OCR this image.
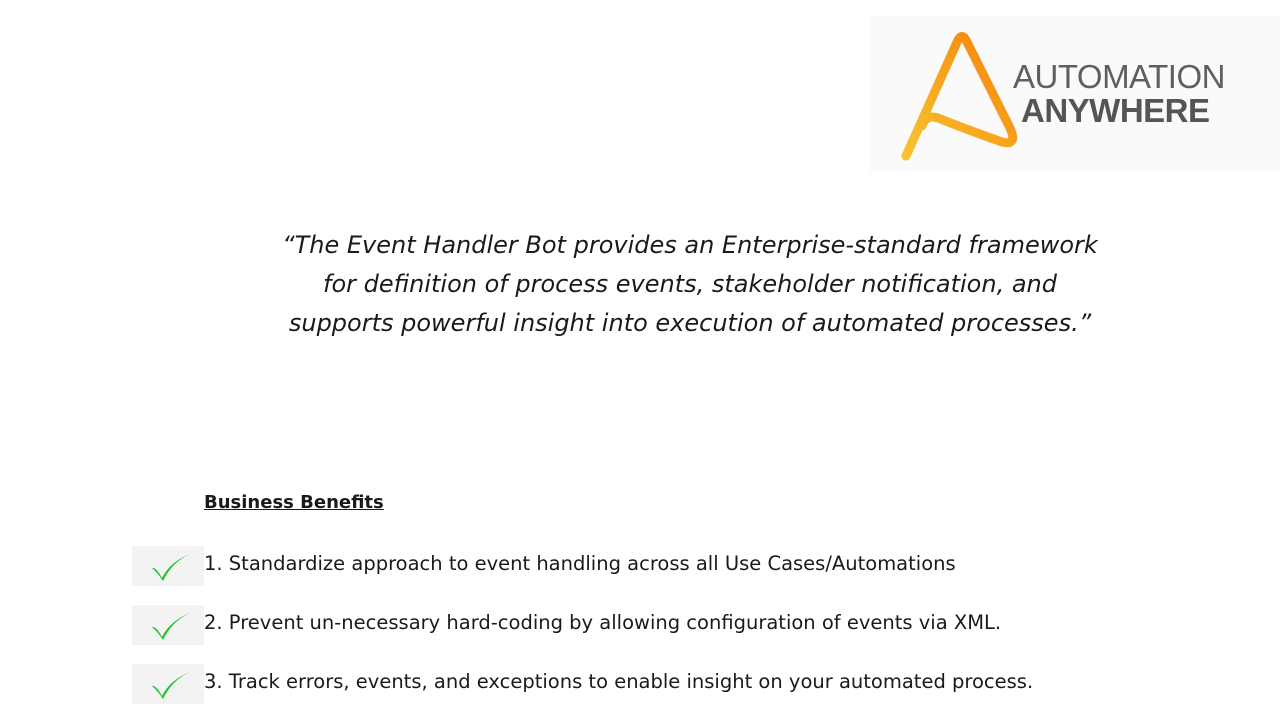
AUTOMATION
ANYWHERE
“The Event Handler Bot provides an Enterprise-standard framework
for definition of process events, stakeholder notification, and
supports powerful insight into execution of automated processes.”
Business Benefits
1. Standardize approach to event handling across all Use Cases/Automations
2. Prevent un-necessary hard-coding by allowing configuration of events via XML.
3. Track errors, events, and exceptions to enable insight on your automated process.
